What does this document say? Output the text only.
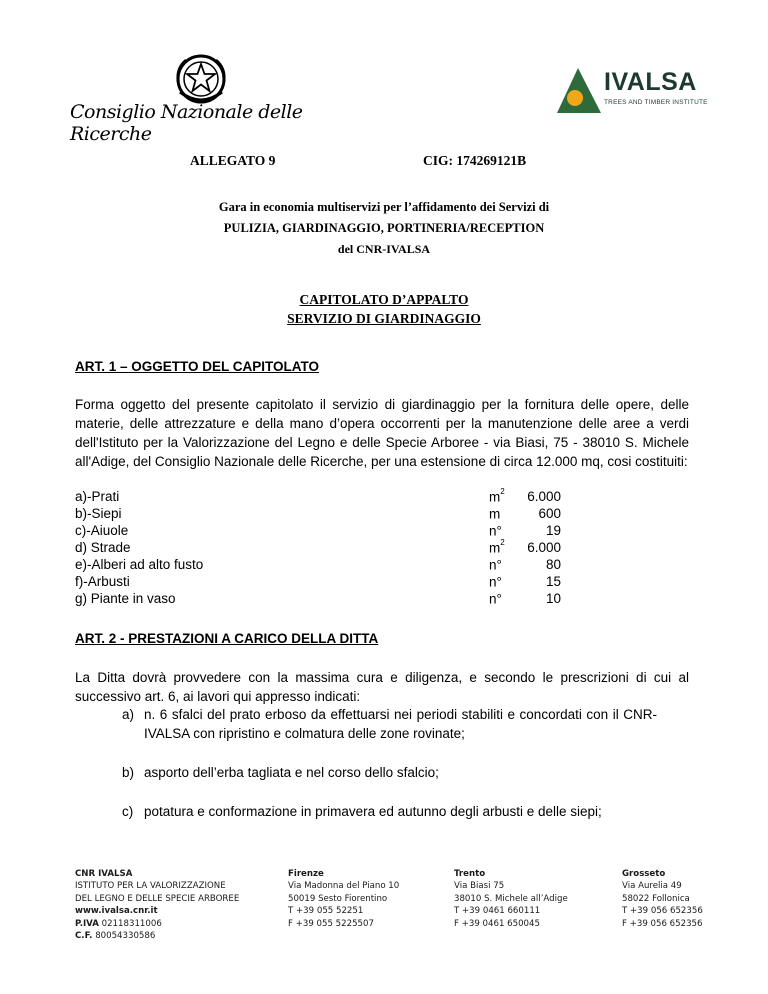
Consiglio Nazionale delle Ricerche
IVALSA
TREES AND TIMBER INSTITUTE
ALLEGATO 9	CIG: 174269121B
Gara in economia multiservizi per l’affidamento dei Servizi di
PULIZIA, GIARDINAGGIO, PORTINERIA/RECEPTION
del CNR-IVALSA
CAPITOLATO D’APPALTO
SERVIZIO DI GIARDINAGGIO
ART. 1 – OGGETTO DEL CAPITOLATO
Forma oggetto del presente capitolato il servizio di giardinaggio per la fornitura delle opere, delle materie, delle attrezzature e della mano d’opera occorrenti per la manutenzione delle aree a verdi dell'Istituto per la Valorizzazione del Legno e delle Specie Arboree - via Biasi, 75 - 38010 S. Michele all'Adige, del Consiglio Nazionale delle Ricerche, per una estensione di circa 12.000 mq, cosi costituiti:
a)-Prati	$m^2$	6.000
b)-Siepi	m	600
c)-Aiuole	n°	19
d) Strade	$m^2$	6.000
e)-Alberi ad alto fusto	n°	80
f)-Arbusti	n°	15
g) Piante in vaso	n°	10
ART. 2 - PRESTAZIONI A CARICO DELLA DITTA
La Ditta dovrà provvedere con la massima cura e diligenza, e secondo le prescrizioni di cui al successivo art. 6, ai lavori qui appresso indicati:
a) n. 6 sfalci del prato erboso da effettuarsi nei periodi stabiliti e concordati con il CNR-IVALSA con ripristino e colmatura delle zone rovinate;
b) asporto dell’erba tagliata e nel corso dello sfalcio;
c) potatura e conformazione in primavera ed autunno degli arbusti e delle siepi;
CNR IVALSA
ISTITUTO PER LA VALORIZZAZIONE
DEL LEGNO E DELLE SPECIE ARBOREE
www.ivalsa.cnr.it
P.IVA 02118311006
C.F. 80054330586
Firenze
Via Madonna del Piano 10
50019 Sesto Fiorentino
T +39 055 52251
F +39 055 5225507
Trento
Via Biasi 75
38010 S. Michele all’Adige
T +39 0461 660111
F +39 0461 650045
Grosseto
Via Aurelia 49
58022 Follonica
T +39 056 652356
F +39 056 652356
